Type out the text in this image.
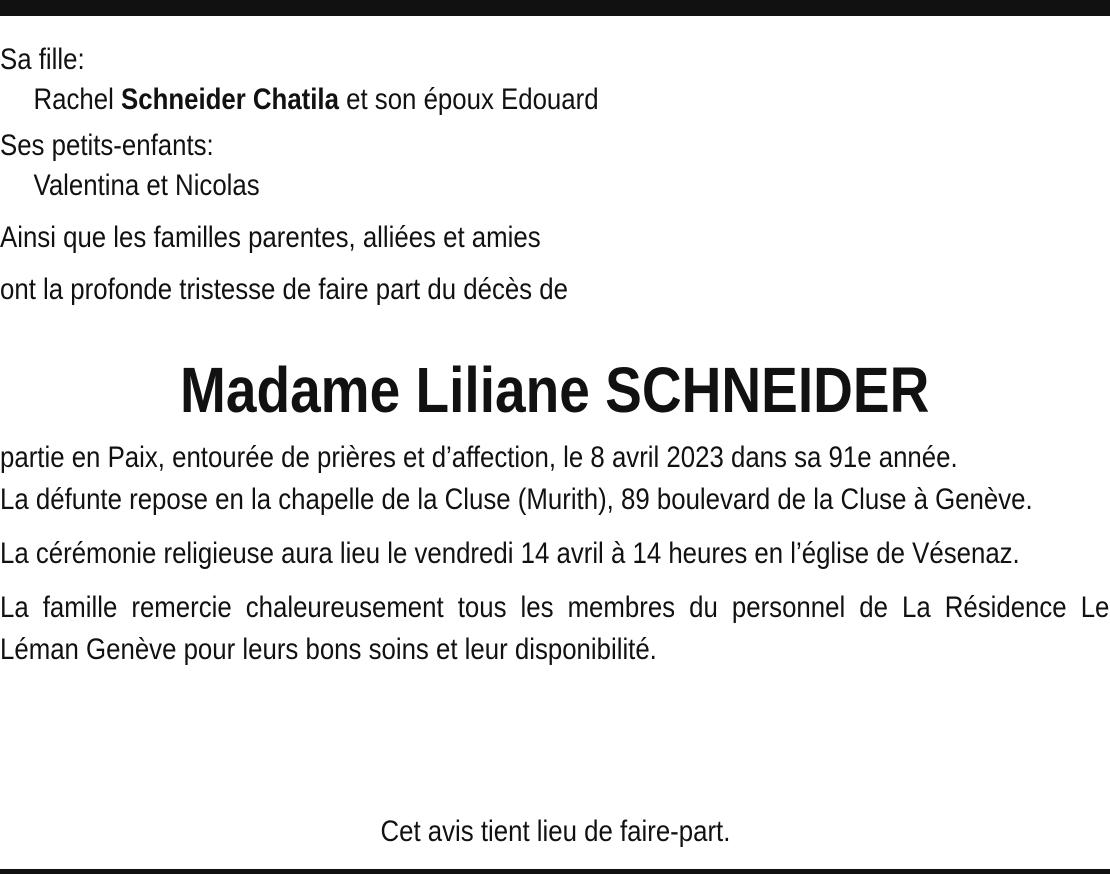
Sa fille:

Rachel Schneider Chatila et son époux Edouard

Ses petits-enfants:

Valentina et Nicolas

Ainsi que les familles parentes, alliées et amies

ont la profonde tristesse de faire part du décès de

Madame Liliane SCHNEIDER

partie en Paix, entourée de prières et d’affection, le 8 avril 2023 dans sa 91e année.

La défunte repose en la chapelle de la Cluse (Murith), 89 boulevard de la Cluse à Genève.

La cérémonie religieuse aura lieu le vendredi 14 avril à 14 heures en l’église de Vésenaz.

La famille remercie chaleureusement tous les membres du personnel de La Résidence Le Léman Genève pour leurs bons soins et leur disponibilité.

Cet avis tient lieu de faire-part.
